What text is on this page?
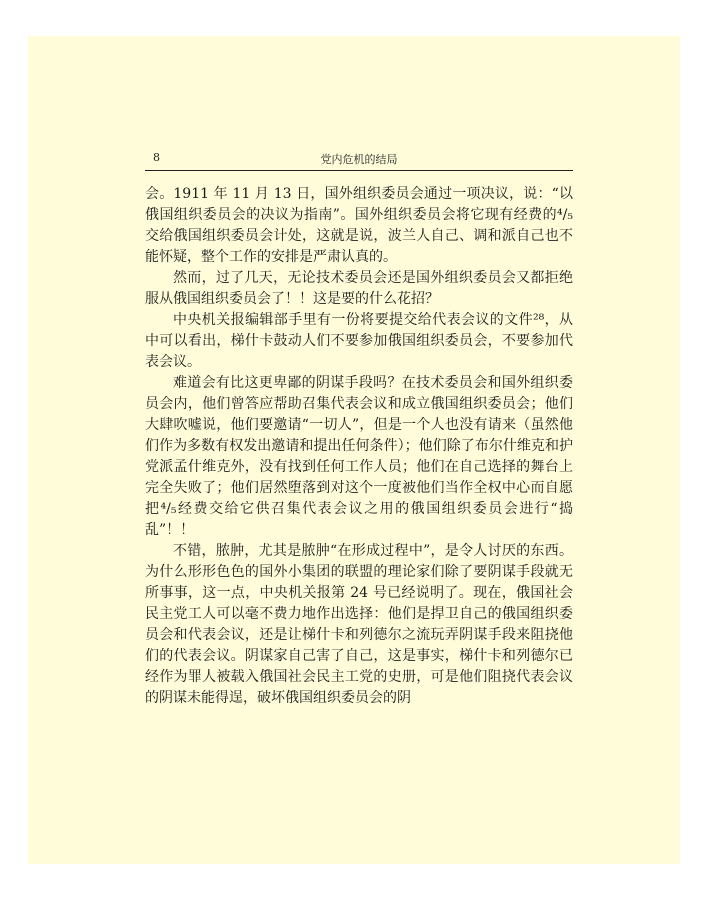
8	党内危机的结局

会。1911 年 11 月 13 日，国外组织委员会通过一项决议，说：“以俄国组织委员会的决议为指南”。国外组织委员会将它现有经费的⁴/₅交给俄国组织委员会计处，这就是说，波兰人自己、调和派自己也不能怀疑，整个工作的安排是严肃认真的。

然而，过了几天，无论技术委员会还是国外组织委员会又都拒绝服从俄国组织委员会了！！这是要的什么花招？

中央机关报编辑部手里有一份将要提交给代表会议的文件²⁸，从中可以看出，梯什卡鼓动人们不要参加俄国组织委员会，不要参加代表会议。

难道会有比这更卑鄙的阴谋手段吗？在技术委员会和国外组织委员会内，他们曾答应帮助召集代表会议和成立俄国组织委员会；他们大肆吹嘘说，他们要邀请“一切人”，但是一个人也没有请来（虽然他们作为多数有权发出邀请和提出任何条件）；他们除了布尔什维克和护党派孟什维克外，没有找到任何工作人员；他们在自己选择的舞台上完全失败了；他们居然堕落到对这个一度被他们当作全权中心而自愿把⁴/₅经费交给它供召集代表会议之用的俄国组织委员会进行“捣乱”！！

不错，脓肿，尤其是脓肿“在形成过程中”，是令人讨厌的东西。为什么形形色色的国外小集团的联盟的理论家们除了要阴谋手段就无所事事，这一点，中央机关报第 24 号已经说明了。现在，俄国社会民主党工人可以毫不费力地作出选择：他们是捍卫自己的俄国组织委员会和代表会议，还是让梯什卡和列德尔之流玩弄阴谋手段来阻挠他们的代表会议。阴谋家自己害了自己，这是事实，梯什卡和列德尔已经作为罪人被载入俄国社会民主工党的史册，可是他们阻挠代表会议的阴谋未能得逞，破坏俄国组织委员会的阴
